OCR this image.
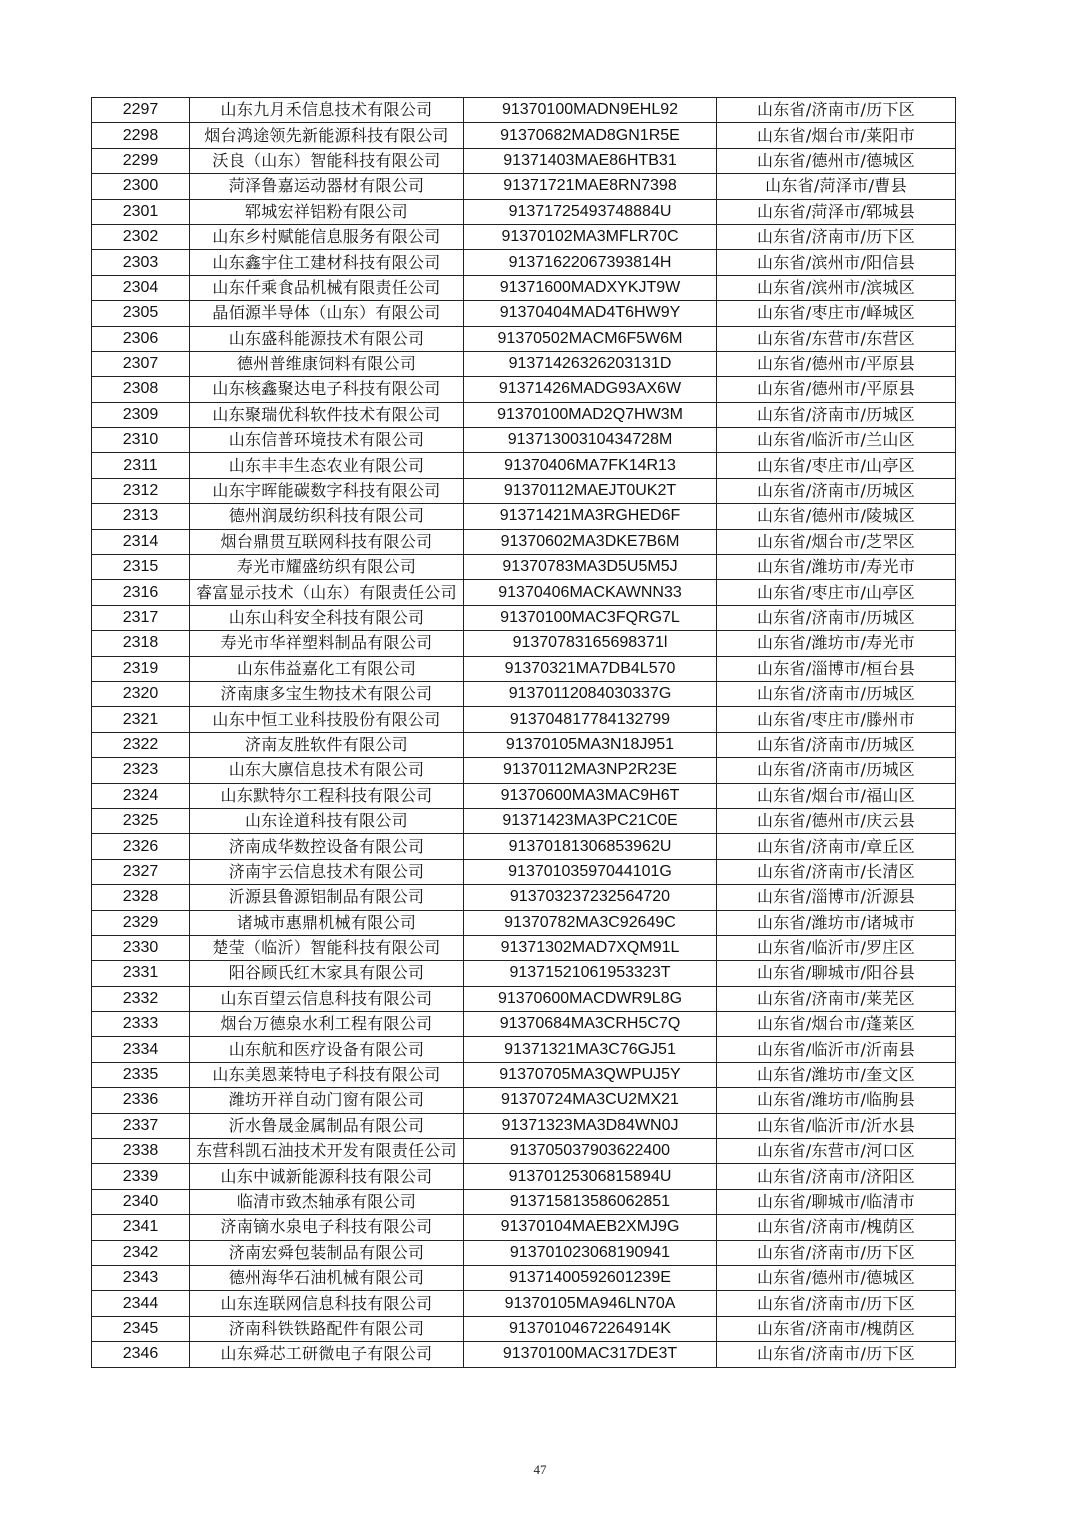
2297	山东九月禾信息技术有限公司	91370100MADN9EHL92	山东省/济南市/历下区
2298	烟台鸿途领先新能源科技有限公司	91370682MAD8GN1R5E	山东省/烟台市/莱阳市
2299	沃良（山东）智能科技有限公司	91371403MAE86HTB31	山东省/德州市/德城区
2300	菏泽鲁嘉运动器材有限公司	91371721MAE8RN7398	山东省/菏泽市/曹县
2301	郓城宏祥铝粉有限公司	91371725493748884U	山东省/菏泽市/郓城县
2302	山东乡村赋能信息服务有限公司	91370102MA3MFLR70C	山东省/济南市/历下区
2303	山东鑫宇住工建材科技有限公司	91371622067393814H	山东省/滨州市/阳信县
2304	山东仟乘食品机械有限责任公司	91371600MADXYKJT9W	山东省/滨州市/滨城区
2305	晶佰源半导体（山东）有限公司	91370404MAD4T6HW9Y	山东省/枣庄市/峄城区
2306	山东盛科能源技术有限公司	91370502MACM6F5W6M	山东省/东营市/东营区
2307	德州普维康饲料有限公司	91371426326203131D	山东省/德州市/平原县
2308	山东核鑫聚达电子科技有限公司	91371426MADG93AX6W	山东省/德州市/平原县
2309	山东聚瑞优科软件技术有限公司	91370100MAD2Q7HW3M	山东省/济南市/历城区
2310	山东信普环境技术有限公司	91371300310434728M	山东省/临沂市/兰山区
2311	山东丰丰生态农业有限公司	91370406MA7FK14R13	山东省/枣庄市/山亭区
2312	山东宇晖能碳数字科技有限公司	91370112MAEJT0UK2T	山东省/济南市/历城区
2313	德州润晟纺织科技有限公司	91371421MA3RGHED6F	山东省/德州市/陵城区
2314	烟台鼎贯互联网科技有限公司	91370602MA3DKE7B6M	山东省/烟台市/芝罘区
2315	寿光市耀盛纺织有限公司	91370783MA3D5U5M5J	山东省/潍坊市/寿光市
2316	睿富显示技术（山东）有限责任公司	91370406MACKAWNN33	山东省/枣庄市/山亭区
2317	山东山科安全科技有限公司	91370100MAC3FQRG7L	山东省/济南市/历城区
2318	寿光市华祥塑料制品有限公司	91370783165698371l	山东省/潍坊市/寿光市
2319	山东伟益嘉化工有限公司	91370321MA7DB4L570	山东省/淄博市/桓台县
2320	济南康多宝生物技术有限公司	91370112084030337G	山东省/济南市/历城区
2321	山东中恒工业科技股份有限公司	913704817784132799	山东省/枣庄市/滕州市
2322	济南友胜软件有限公司	91370105MA3N18J951	山东省/济南市/历城区
2323	山东大廪信息技术有限公司	91370112MA3NP2R23E	山东省/济南市/历城区
2324	山东默特尔工程科技有限公司	91370600MA3MAC9H6T	山东省/烟台市/福山区
2325	山东诠道科技有限公司	91371423MA3PC21C0E	山东省/德州市/庆云县
2326	济南成华数控设备有限公司	91370181306853962U	山东省/济南市/章丘区
2327	济南宇云信息技术有限公司	91370103597044101G	山东省/济南市/长清区
2328	沂源县鲁源铝制品有限公司	913703237232564720	山东省/淄博市/沂源县
2329	诸城市惠鼎机械有限公司	91370782MA3C92649C	山东省/潍坊市/诸城市
2330	楚莹（临沂）智能科技有限公司	91371302MAD7XQM91L	山东省/临沂市/罗庄区
2331	阳谷顾氏红木家具有限公司	91371521061953323T	山东省/聊城市/阳谷县
2332	山东百望云信息科技有限公司	91370600MACDWR9L8G	山东省/济南市/莱芜区
2333	烟台万德泉水利工程有限公司	91370684MA3CRH5C7Q	山东省/烟台市/蓬莱区
2334	山东航和医疗设备有限公司	91371321MA3C76GJ51	山东省/临沂市/沂南县
2335	山东美恩莱特电子科技有限公司	91370705MA3QWPUJ5Y	山东省/潍坊市/奎文区
2336	潍坊开祥自动门窗有限公司	91370724MA3CU2MX21	山东省/潍坊市/临朐县
2337	沂水鲁晟金属制品有限公司	91371323MA3D84WN0J	山东省/临沂市/沂水县
2338	东营科凯石油技术开发有限责任公司	913705037903622400	山东省/东营市/河口区
2339	山东中诚新能源科技有限公司	91370125306815894U	山东省/济南市/济阳区
2340	临清市致杰轴承有限公司	913715813586062851	山东省/聊城市/临清市
2341	济南镝水泉电子科技有限公司	91370104MAEB2XMJ9G	山东省/济南市/槐荫区
2342	济南宏舜包装制品有限公司	913701023068190941	山东省/济南市/历下区
2343	德州海华石油机械有限公司	91371400592601239E	山东省/德州市/德城区
2344	山东连联网信息科技有限公司	91370105MA946LN70A	山东省/济南市/历下区
2345	济南科铁铁路配件有限公司	91370104672264914K	山东省/济南市/槐荫区
2346	山东舜芯工研微电子有限公司	91370100MAC317DE3T	山东省/济南市/历下区
47
